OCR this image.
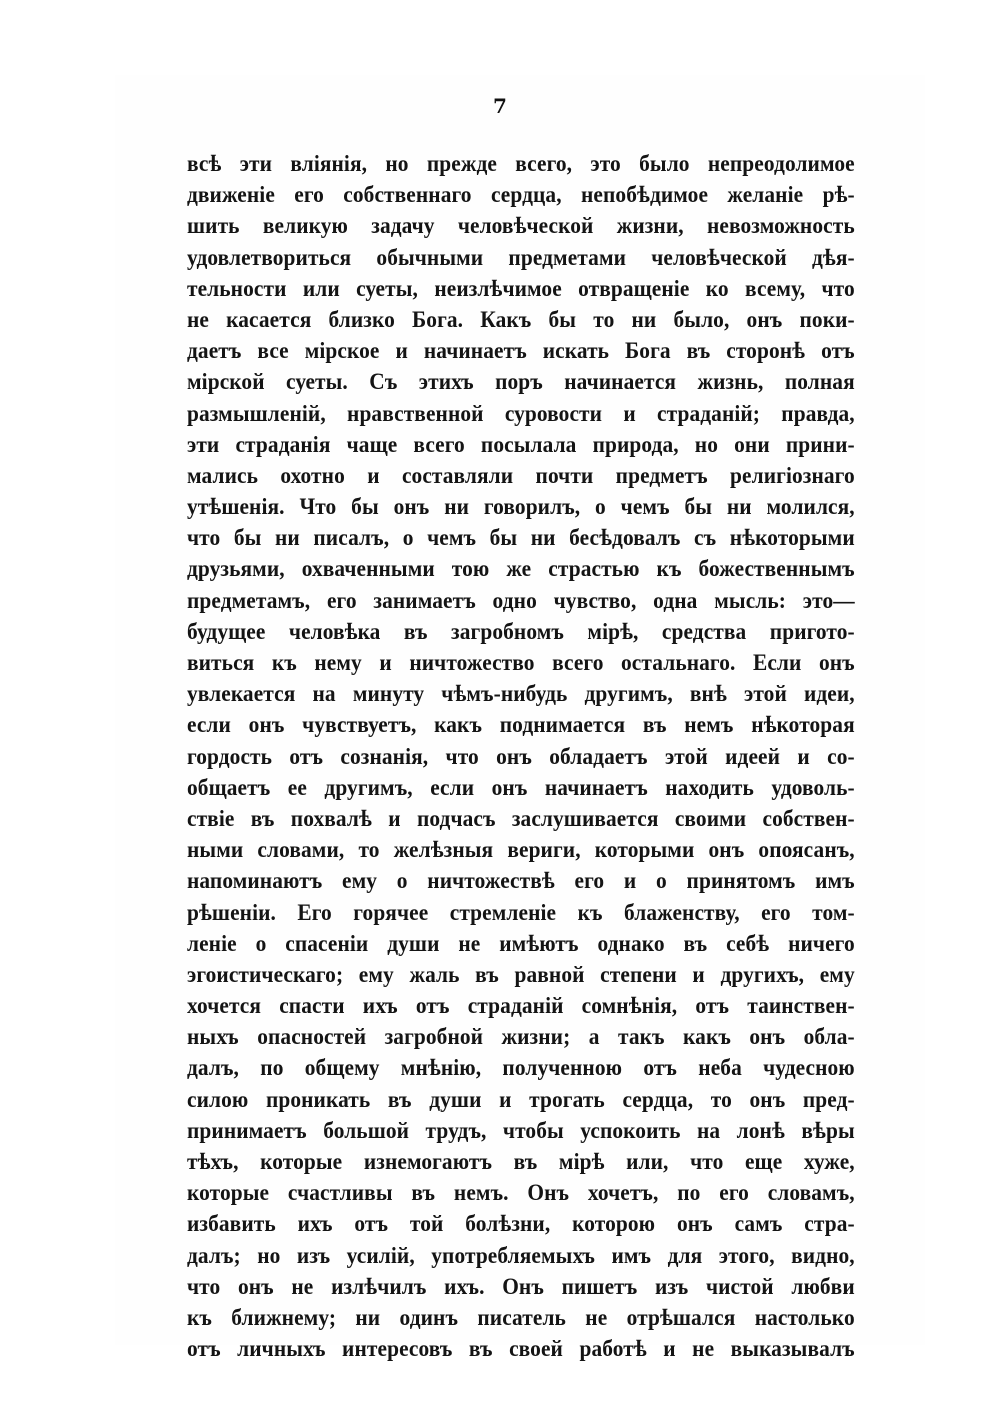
7
всѣ эти вліянія, но прежде всего, это было непреодолимое
движеніе его собственнаго сердца, непобѣдимое желаніе рѣ-
шить великую задачу человѣческой жизни, невозможность
удовлетвориться обычными предметами человѣческой дѣя-
тельности или суеты, неизлѣчимое отвращеніе ко всему, что
не касается близко Бога. Какъ бы то ни было, онъ поки-
даетъ все мірское и начинаетъ искать Бога въ сторонѣ отъ
мірской суеты. Съ этихъ поръ начинается жизнь, полная
размышленій, нравственной суровости и страданій; правда,
эти страданія чаще всего посылала природа, но они прини-
мались охотно и составляли почти предметъ религіознаго
утѣшенія. Что бы онъ ни говорилъ, о чемъ бы ни молился,
что бы ни писалъ, о чемъ бы ни бесѣдовалъ съ нѣкоторыми
друзьями, охваченными тою же страстью къ божественнымъ
предметамъ, его занимаетъ одно чувство, одна мысль: это—
будущее человѣка въ загробномъ мірѣ, средства пригото-
виться къ нему и ничтожество всего остальнаго. Если онъ
увлекается на минуту чѣмъ-нибудь другимъ, внѣ этой идеи,
если онъ чувствуетъ, какъ поднимается въ немъ нѣкоторая
гордость отъ сознанія, что онъ обладаетъ этой идеей и со-
общаетъ ее другимъ, если онъ начинаетъ находить удоволь-
ствіе въ похвалѣ и подчасъ заслушивается своими собствен-
ными словами, то желѣзныя вериги, которыми онъ опоясанъ,
напоминаютъ ему о ничтожествѣ его и о принятомъ имъ
рѣшеніи. Его горячее стремленіе къ блаженству, его том-
леніе о спасеніи души не имѣютъ однако въ себѣ ничего
эгоистическаго; ему жаль въ равной степени и другихъ, ему
хочется спасти ихъ отъ страданій сомнѣнія, отъ таинствен-
ныхъ опасностей загробной жизни; а такъ какъ онъ обла-
далъ, по общему мнѣнію, полученною отъ неба чудесною
силою проникать въ души и трогать сердца, то онъ пред-
принимаетъ большой трудъ, чтобы успокоить на лонѣ вѣры
тѣхъ, которые изнемогаютъ въ мірѣ или, что еще хуже,
которые счастливы въ немъ. Онъ хочетъ, по его словамъ,
избавить ихъ отъ той болѣзни, которою онъ самъ стра-
далъ; но изъ усилій, употребляемыхъ имъ для этого, видно,
что онъ не излѣчилъ ихъ. Онъ пишетъ изъ чистой любви
къ ближнему; ни одинъ писатель не отрѣшался настолько
отъ личныхъ интересовъ въ своей работѣ и не выказывалъ
